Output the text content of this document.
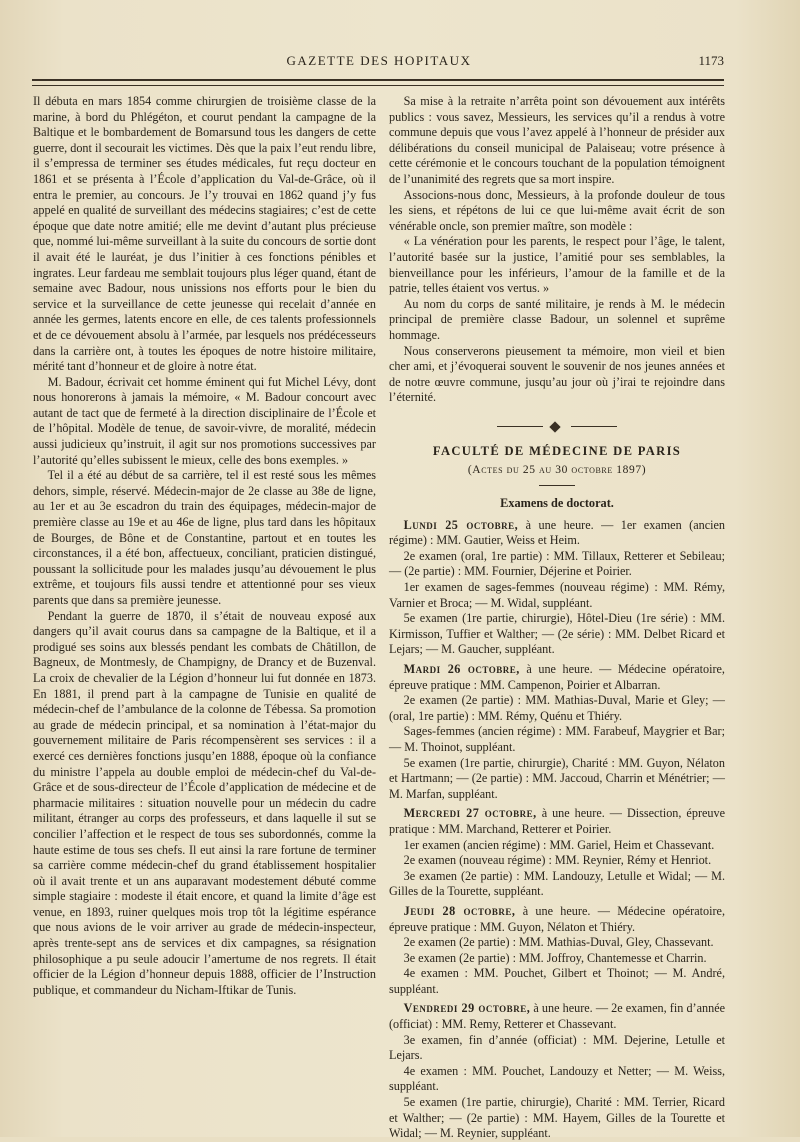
GAZETTE DES HOPITAUX	1173

Il débuta en mars 1854 comme chirurgien de troisième classe de la marine, à bord du Phlégéton, et courut pendant la campagne de la Baltique et le bombardement de Bomarsund tous les dangers de cette guerre, dont il secourait les victimes. Dès que la paix l’eut rendu libre, il s’empressa de terminer ses études médicales, fut reçu docteur en 1861 et se présenta à l’École d’application du Val-de-Grâce, où il entra le premier, au concours. Je l’y trouvai en 1862 quand j’y fus appelé en qualité de surveillant des médecins stagiaires; c’est de cette époque que date notre amitié; elle me devint d’autant plus précieuse que, nommé lui-même surveillant à la suite du concours de sortie dont il avait été le lauréat, je dus l’initier à ces fonctions pénibles et ingrates. Leur fardeau me semblait toujours plus léger quand, étant de semaine avec Badour, nous unissions nos efforts pour le bien du service et la surveillance de cette jeunesse qui recelait d’année en année les germes, latents encore en elle, de ces talents professionnels et de ce dévouement absolu à l’armée, par lesquels nos prédécesseurs dans la carrière ont, à toutes les époques de notre histoire militaire, mérité tant d’honneur et de gloire à notre état.

M. Badour, écrivait cet homme éminent qui fut Michel Lévy, dont nous honorerons à jamais la mémoire, « M. Badour concourt avec autant de tact que de fermeté à la direction disciplinaire de l’École et de l’hôpital. Modèle de tenue, de savoir-vivre, de moralité, médecin aussi judicieux qu’instruit, il agit sur nos promotions successives par l’autorité qu’elles subissent le mieux, celle des bons exemples. »

Tel il a été au début de sa carrière, tel il est resté sous les mêmes dehors, simple, réservé. Médecin-major de 2e classe au 38e de ligne, au 1er et au 3e escadron du train des équipages, médecin-major de première classe au 19e et au 46e de ligne, plus tard dans les hôpitaux de Bourges, de Bône et de Constantine, partout et en toutes les circonstances, il a été bon, affectueux, conciliant, praticien distingué, poussant la sollicitude pour les malades jusqu’au dévouement le plus extrême, et toujours fils aussi tendre et attentionné pour ses vieux parents que dans sa première jeunesse.

Pendant la guerre de 1870, il s’était de nouveau exposé aux dangers qu’il avait courus dans sa campagne de la Baltique, et il a prodigué ses soins aux blessés pendant les combats de Châtillon, de Bagneux, de Montmesly, de Champigny, de Drancy et de Buzenval. La croix de chevalier de la Légion d’honneur lui fut donnée en 1873. En 1881, il prend part à la campagne de Tunisie en qualité de médecin-chef de l’ambulance de la colonne de Tébessa. Sa promotion au grade de médecin principal, et sa nomination à l’état-major du gouvernement militaire de Paris récompensèrent ses services : il a exercé ces dernières fonctions jusqu’en 1888, époque où la confiance du ministre l’appela au double emploi de médecin-chef du Val-de-Grâce et de sous-directeur de l’École d’application de médecine et de pharmacie militaires : situation nouvelle pour un médecin du cadre militant, étranger au corps des professeurs, et dans laquelle il sut se concilier l’affection et le respect de tous ses subordonnés, comme la haute estime de tous ses chefs. Il eut ainsi la rare fortune de terminer sa carrière comme médecin-chef du grand établissement hospitalier où il avait trente et un ans auparavant modestement débuté comme simple stagiaire : modeste il était encore, et quand la limite d’âge est venue, en 1893, ruiner quelques mois trop tôt la légitime espérance que nous avions de le voir arriver au grade de médecin-inspecteur, après trente-sept ans de services et dix campagnes, sa résignation philosophique a pu seule adoucir l’amertume de nos regrets. Il était officier de la Légion d’honneur depuis 1888, officier de l’Instruction publique, et commandeur du Nicham-Iftikar de Tunis.

Sa mise à la retraite n’arrêta point son dévouement aux intérêts publics : vous savez, Messieurs, les services qu’il a rendus à votre commune depuis que vous l’avez appelé à l’honneur de présider aux délibérations du conseil municipal de Palaiseau; votre présence à cette cérémonie et le concours touchant de la population témoignent de l’unanimité des regrets que sa mort inspire.

Associons-nous donc, Messieurs, à la profonde douleur de tous les siens, et répétons de lui ce que lui-même avait écrit de son vénérable oncle, son premier maître, son modèle :

« La vénération pour les parents, le respect pour l’âge, le talent, l’autorité basée sur la justice, l’amitié pour ses semblables, la bienveillance pour les inférieurs, l’amour de la famille et de la patrie, telles étaient vos vertus. »

Au nom du corps de santé militaire, je rends à M. le médecin principal de première classe Badour, un solennel et suprême hommage.

Nous conserverons pieusement ta mémoire, mon vieil et bien cher ami, et j’évoquerai souvent le souvenir de nos jeunes années et de notre œuvre commune, jusqu’au jour où j’irai te rejoindre dans l’éternité.

FACULTÉ DE MÉDECINE DE PARIS
(Actes du 25 au 30 octobre 1897)
Examens de doctorat.

Lundi 25 octobre, à une heure. — 1er examen (ancien régime) : MM. Gautier, Weiss et Heim.

2e examen (oral, 1re partie) : MM. Tillaux, Retterer et Sebileau; — (2e partie) : MM. Fournier, Déjerine et Poirier.

1er examen de sages-femmes (nouveau régime) : MM. Rémy, Varnier et Broca; — M. Widal, suppléant.

5e examen (1re partie, chirurgie), Hôtel-Dieu (1re série) : MM. Kirmisson, Tuffier et Walther; — (2e série) : MM. Delbet Ricard et Lejars; — M. Gaucher, suppléant.

Mardi 26 octobre, à une heure. — Médecine opératoire, épreuve pratique : MM. Campenon, Poirier et Albarran.

2e examen (2e partie) : MM. Mathias-Duval, Marie et Gley; — (oral, 1re partie) : MM. Rémy, Quénu et Thiéry.

Sages-femmes (ancien régime) : MM. Farabeuf, Maygrier et Bar; — M. Thoinot, suppléant.

5e examen (1re partie, chirurgie), Charité : MM. Guyon, Nélaton et Hartmann; — (2e partie) : MM. Jaccoud, Charrin et Ménétrier; — M. Marfan, suppléant.

Mercredi 27 octobre, à une heure. — Dissection, épreuve pratique : MM. Marchand, Retterer et Poirier.

1er examen (ancien régime) : MM. Gariel, Heim et Chassevant.

2e examen (nouveau régime) : MM. Reynier, Rémy et Henriot.

3e examen (2e partie) : MM. Landouzy, Letulle et Widal; — M. Gilles de la Tourette, suppléant.

Jeudi 28 octobre, à une heure. — Médecine opératoire, épreuve pratique : MM. Guyon, Nélaton et Thiéry.

2e examen (2e partie) : MM. Mathias-Duval, Gley, Chassevant.

3e examen (2e partie) : MM. Joffroy, Chantemesse et Charrin.

4e examen : MM. Pouchet, Gilbert et Thoinot; — M. André, suppléant.

Vendredi 29 octobre, à une heure. — 2e examen, fin d’année (officiat) : MM. Remy, Retterer et Chassevant.

3e examen, fin d’année (officiat) : MM. Dejerine, Letulle et Lejars.

4e examen : MM. Pouchet, Landouzy et Netter; — M. Weiss, suppléant.

5e examen (1re partie, chirurgie), Charité : MM. Terrier, Ricard et Walther; — (2e partie) : MM. Hayem, Gilles de la Tourette et Widal; — M. Reynier, suppléant.
